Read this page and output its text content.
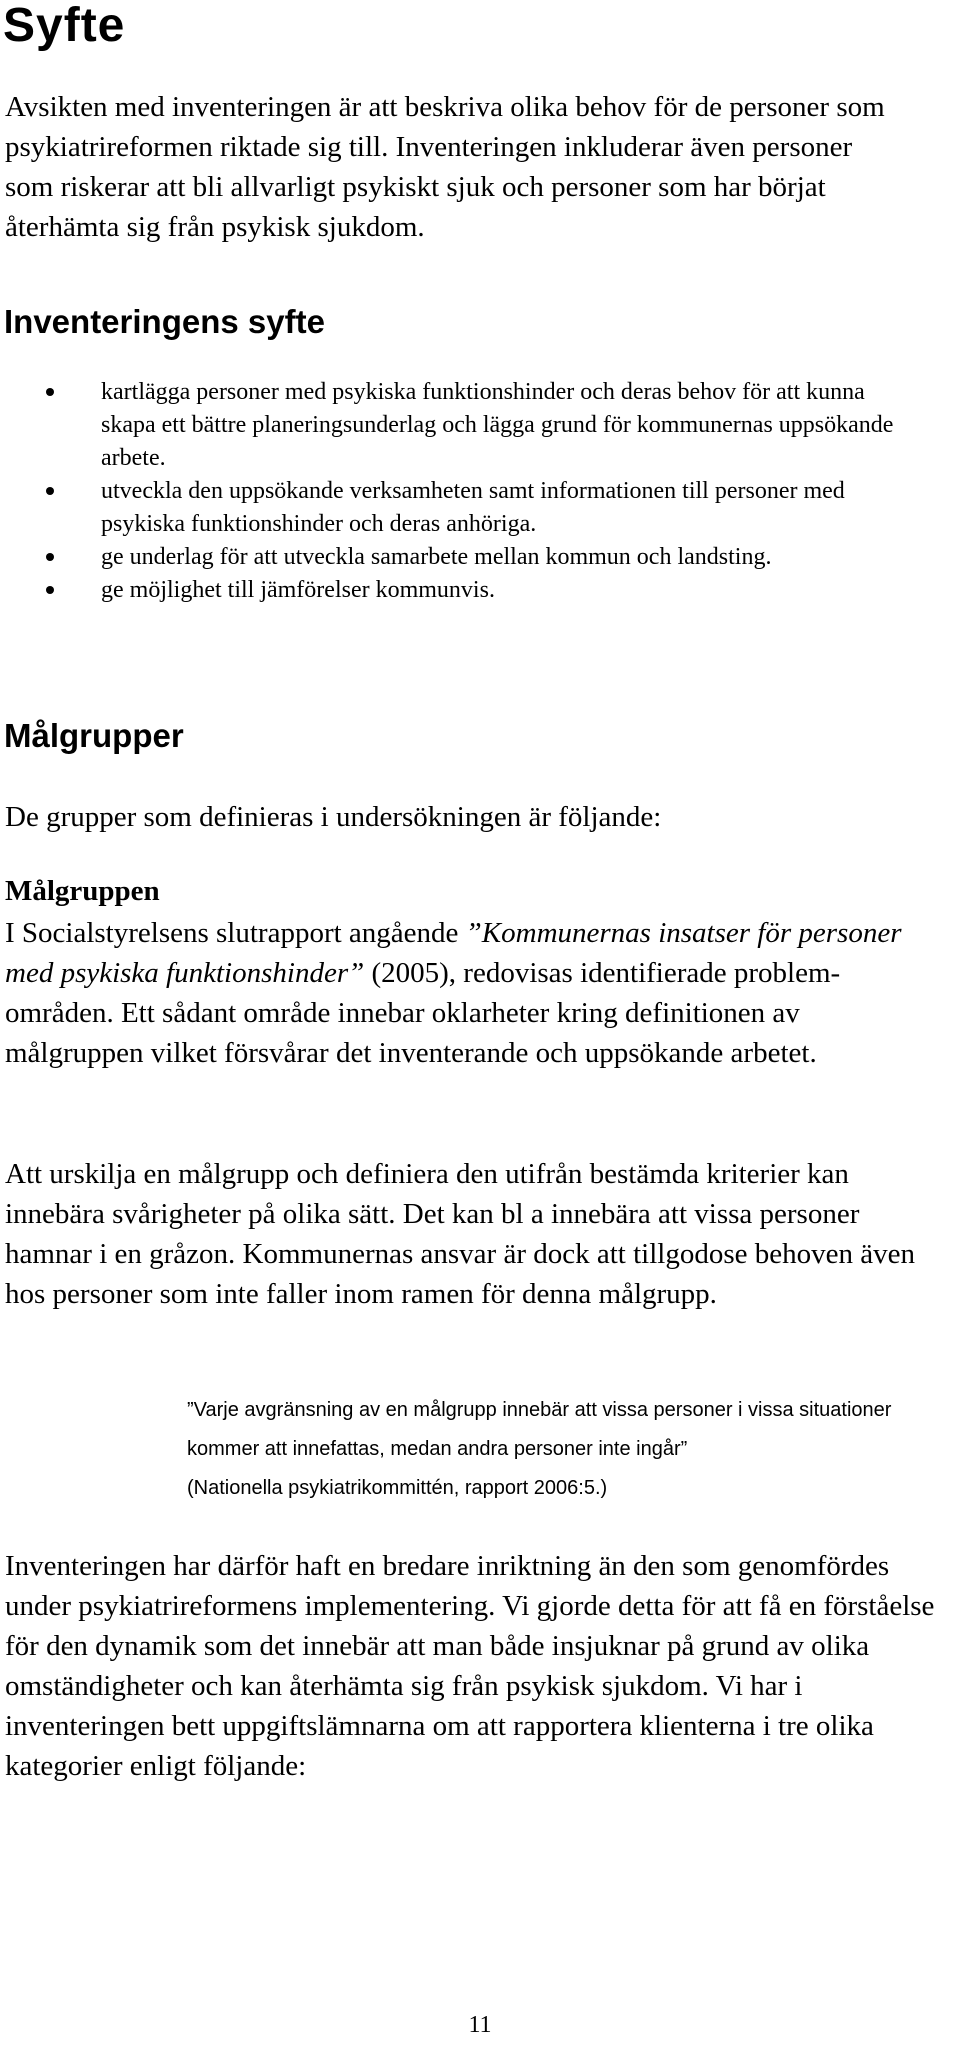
Syfte

Avsikten med inventeringen är att beskriva olika behov för de personer som psykiatrireformen riktade sig till. Inventeringen inkluderar även personer som riskerar att bli allvarligt psykiskt sjuk och personer som har börjat återhämta sig från psykisk sjukdom.

Inventeringens syfte
kartlägga personer med psykiska funktionshinder och deras behov för att kunna skapa ett bättre planeringsunderlag och lägga grund för kommunernas uppsökande arbete.
utveckla den uppsökande verksamheten samt informationen till personer med psykiska funktionshinder och deras anhöriga.
ge underlag för att utveckla samarbete mellan kommun och landsting.
ge möjlighet till jämförelser kommunvis.
Målgrupper

De grupper som definieras i undersökningen är följande:

Målgruppen

I Socialstyrelsens slutrapport angående ”Kommunernas insatser för personer med psykiska funktionshinder” (2005), redovisas identifierade problem- områden. Ett sådant område innebar oklarheter kring definitionen av målgruppen vilket försvårar det inventerande och uppsökande arbetet.

Att urskilja en målgrupp och definiera den utifrån bestämda kriterier kan innebära svårigheter på olika sätt. Det kan bl a innebära att vissa personer hamnar i en gråzon. Kommunernas ansvar är dock att tillgodose behoven även hos personer som inte faller inom ramen för denna målgrupp.

”Varje avgränsning av en målgrupp innebär att vissa personer i vissa situationer kommer att innefattas, medan andra personer inte ingår”
(Nationella psykiatrikommittén, rapport 2006:5.)

Inventeringen har därför haft en bredare inriktning än den som genomfördes under psykiatrireformens implementering. Vi gjorde detta för att få en förståelse för den dynamik som det innebär att man både insjuknar på grund av olika omständigheter och kan återhämta sig från psykisk sjukdom. Vi har i inventeringen bett uppgiftslämnarna om att rapportera klienterna i tre olika kategorier enligt följande:

11
